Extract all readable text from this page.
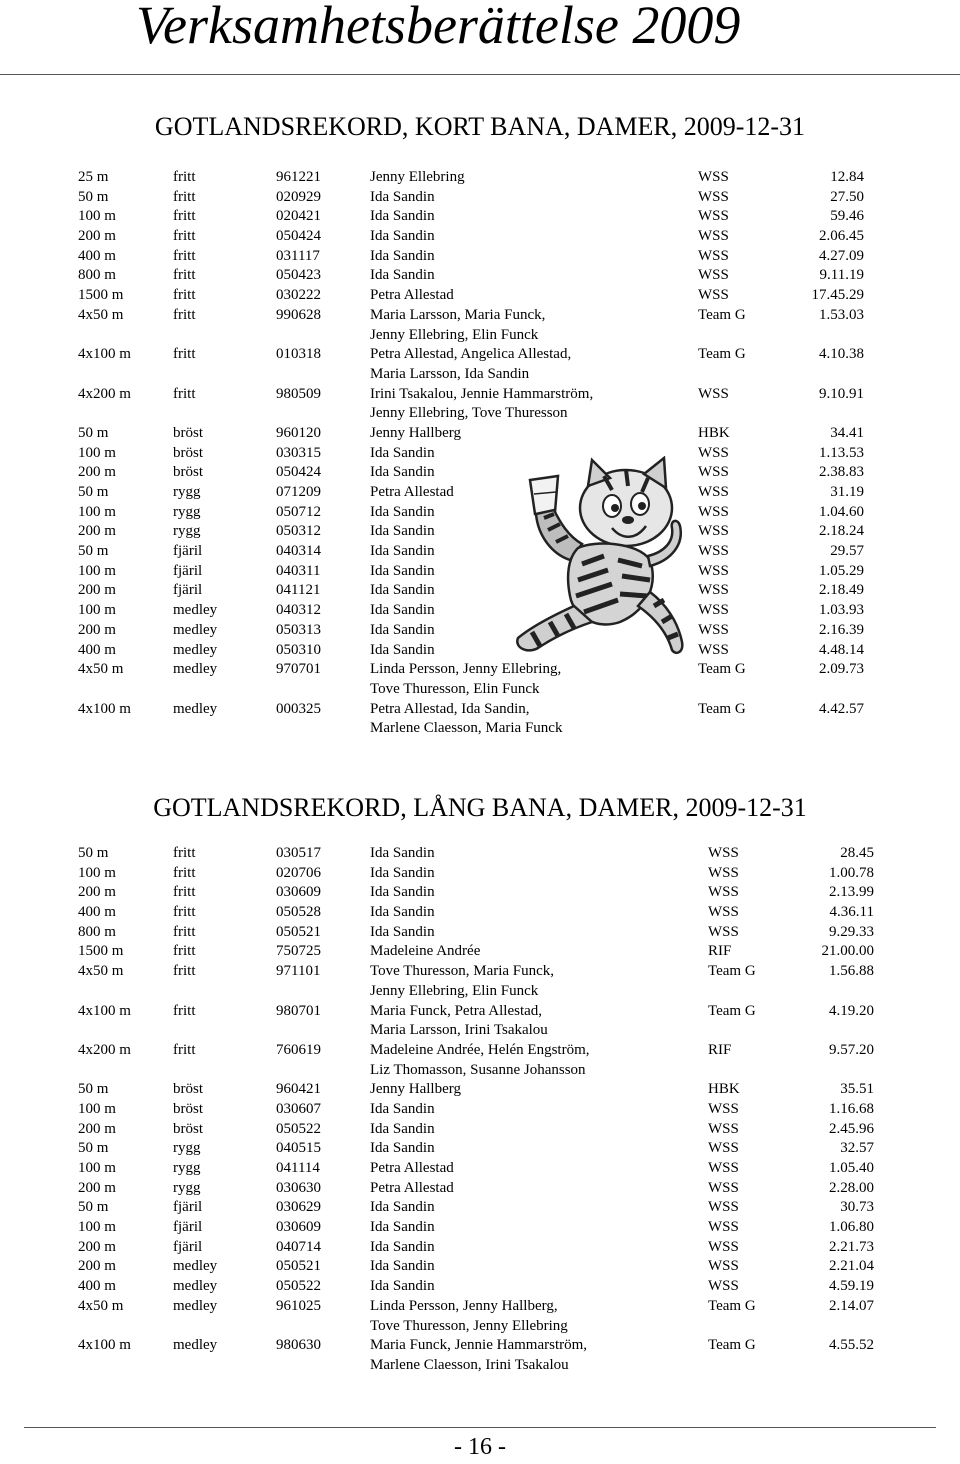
Verksamhetsberättelse 2009
GOTLANDSREKORD, KORT BANA, DAMER, 2009-12-31
25 m	fritt	961221	Jenny Ellebring	WSS	12.84
50 m	fritt	020929	Ida Sandin	WSS	27.50
100 m	fritt	020421	Ida Sandin	WSS	59.46
200 m	fritt	050424	Ida Sandin	WSS	2.06.45
400 m	fritt	031117	Ida Sandin	WSS	4.27.09
800 m	fritt	050423	Ida Sandin	WSS	9.11.19
1500 m	fritt	030222	Petra Allestad	WSS	17.45.29
4x50 m	fritt	990628	Maria Larsson, Maria Funck,	Team G	1.53.03
Jenny Ellebring, Elin Funck
4x100 m	fritt	010318	Petra Allestad, Angelica Allestad,	Team G	4.10.38
Maria Larsson, Ida Sandin
4x200 m	fritt	980509	Irini Tsakalou, Jennie Hammarström,	WSS	9.10.91
Jenny Ellebring, Tove Thuresson
50 m	bröst	960120	Jenny Hallberg	HBK	34.41
100 m	bröst	030315	Ida Sandin	WSS	1.13.53
200 m	bröst	050424	Ida Sandin	WSS	2.38.83
50 m	rygg	071209	Petra Allestad	WSS	31.19
100 m	rygg	050712	Ida Sandin	WSS	1.04.60
200 m	rygg	050312	Ida Sandin	WSS	2.18.24
50 m	fjäril	040314	Ida Sandin	WSS	29.57
100 m	fjäril	040311	Ida Sandin	WSS	1.05.29
200 m	fjäril	041121	Ida Sandin	WSS	2.18.49
100 m	medley	040312	Ida Sandin	WSS	1.03.93
200 m	medley	050313	Ida Sandin	WSS	2.16.39
400 m	medley	050310	Ida Sandin	WSS	4.48.14
4x50 m	medley	970701	Linda Persson, Jenny Ellebring,	Team G	2.09.73
Tove Thuresson, Elin Funck
4x100 m	medley	000325	Petra Allestad, Ida Sandin,	Team G	4.42.57
Marlene Claesson, Maria Funck
GOTLANDSREKORD, LÅNG BANA, DAMER, 2009-12-31
50 m	fritt	030517	Ida Sandin	WSS	28.45
100 m	fritt	020706	Ida Sandin	WSS	1.00.78
200 m	fritt	030609	Ida Sandin	WSS	2.13.99
400 m	fritt	050528	Ida Sandin	WSS	4.36.11
800 m	fritt	050521	Ida Sandin	WSS	9.29.33
1500 m	fritt	750725	Madeleine Andrée	RIF	21.00.00
4x50 m	fritt	971101	Tove Thuresson, Maria Funck,	Team G	1.56.88
Jenny Ellebring, Elin Funck
4x100 m	fritt	980701	Maria Funck, Petra Allestad,	Team G	4.19.20
Maria Larsson, Irini Tsakalou
4x200 m	fritt	760619	Madeleine Andrée, Helén Engström,	RIF	9.57.20
Liz Thomasson, Susanne Johansson
50 m	bröst	960421	Jenny Hallberg	HBK	35.51
100 m	bröst	030607	Ida Sandin	WSS	1.16.68
200 m	bröst	050522	Ida Sandin	WSS	2.45.96
50 m	rygg	040515	Ida Sandin	WSS	32.57
100 m	rygg	041114	Petra Allestad	WSS	1.05.40
200 m	rygg	030630	Petra Allestad	WSS	2.28.00
50 m	fjäril	030629	Ida Sandin	WSS	30.73
100 m	fjäril	030609	Ida Sandin	WSS	1.06.80
200 m	fjäril	040714	Ida Sandin	WSS	2.21.73
200 m	medley	050521	Ida Sandin	WSS	2.21.04
400 m	medley	050522	Ida Sandin	WSS	4.59.19
4x50 m	medley	961025	Linda Persson, Jenny Hallberg,	Team G	2.14.07
Tove Thuresson, Jenny Ellebring
4x100 m	medley	980630	Maria Funck, Jennie Hammarström,	Team G	4.55.52
Marlene Claesson, Irini Tsakalou
- 16 -
